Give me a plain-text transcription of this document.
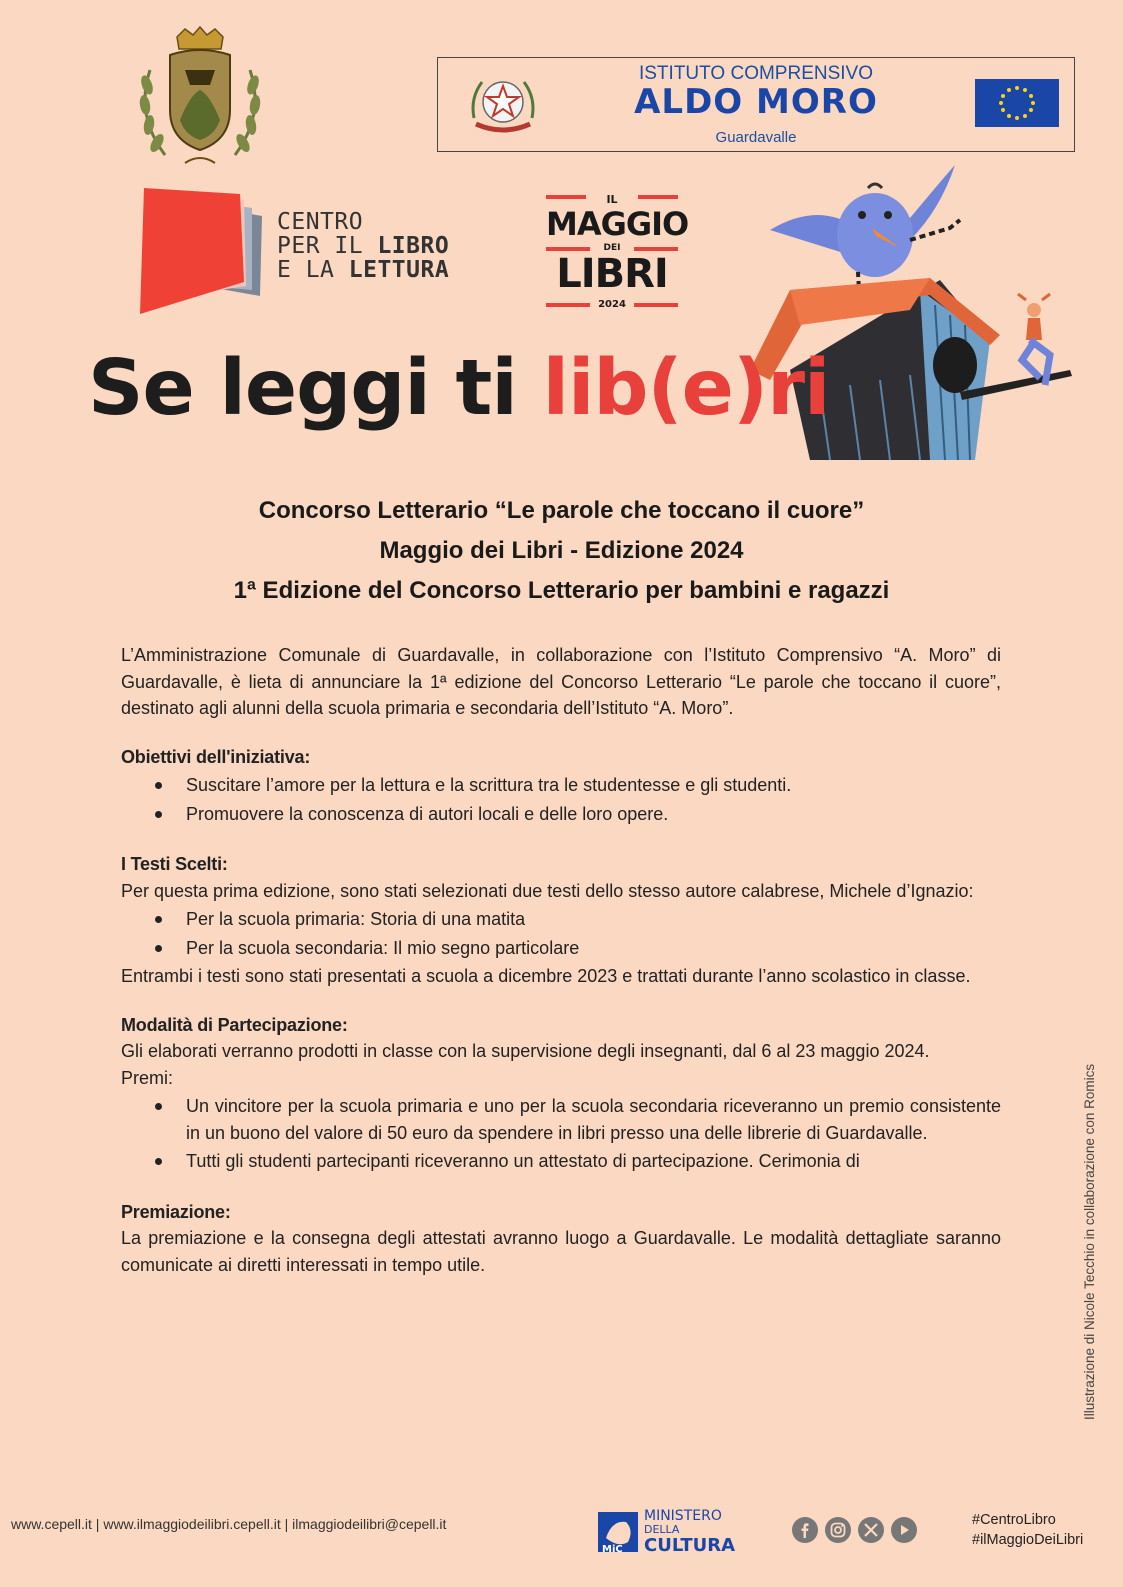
ISTITUTO COMPRENSIVO
ALDO MORO
Guardavalle
CENTRO
PER IL LIBRO
E LA LETTURA
IL
MAGGIO
DEI
LIBRI
2024
Se leggi ti lib(e)ri
Concorso Letterario “Le parole che toccano il cuore”
Maggio dei Libri - Edizione 2024
1ª Edizione del Concorso Letterario per bambini e ragazzi

L’Amministrazione Comunale di Guardavalle, in collaborazione con l’Istituto Comprensivo “A. Moro” di Guardavalle, è lieta di annunciare la 1ª edizione del Concorso Letterario “Le parole che toccano il cuore”, destinato agli alunni della scuola primaria e secondaria dell’Istituto “A. Moro”.

Obiettivi dell'iniziativa:
Suscitare l’amore per la lettura e la scrittura tra le studentesse e gli studenti.
Promuovere la conoscenza di autori locali e delle loro opere.
I Testi Scelti:

Per questa prima edizione, sono stati selezionati due testi dello stesso autore calabrese, Michele d’Ignazio:

Per la scuola primaria: Storia di una matita
Per la scuola secondaria: Il mio segno particolare

Entrambi i testi sono stati presentati a scuola a dicembre 2023 e trattati durante l’anno scolastico in classe.

Modalità di Partecipazione:

Gli elaborati verranno prodotti in classe con la supervisione degli insegnanti, dal 6 al 23 maggio 2024.

Premi:

Un vincitore per la scuola primaria e uno per la scuola secondaria riceveranno un premio consistente in un buono del valore di 50 euro da spendere in libri presso una delle librerie di Guardavalle.
Tutti gli studenti partecipanti riceveranno un attestato di partecipazione. Cerimonia di
Premiazione:

La premiazione e la consegna degli attestati avranno luogo a Guardavalle. Le modalità dettagliate saranno comunicate ai diretti interessati in tempo utile.	Illustrazione di Nicole Tecchio in collaborazione con Romics
www.cepell.it | www.ilmaggiodeilibri.cepell.it | ilmaggiodeilibri@cepell.it
MiC
MINISTERO
DELLA
CULTURA
#CentroLibro
#ilMaggioDeiLibri
